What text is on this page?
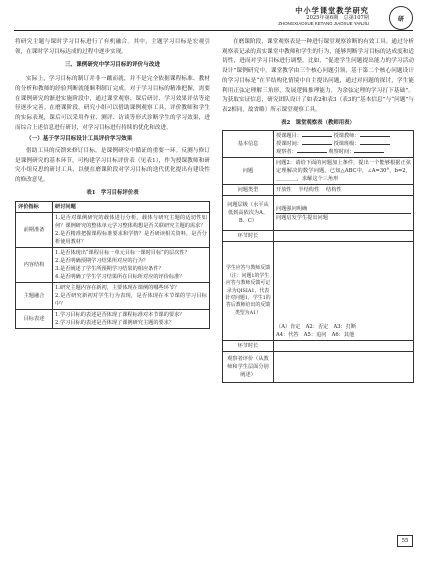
中小学课堂教学研究
2025年第6期　总第107期
ZHONGXIAOXUE KETANG JIAOXUE YANJIU
研

将研究主题与课时学习目标进行了有机融合。其中，主题学习目标是宏观引领，在课时学习目标达成的过程中逐步实现。

三、课例研究中学习目标的评价与改进

实际上，学习目标的制订并非一蹴而就，并不是完全依据课程标准、教材的分析和教师的经验判断就能顺利制订完成。对于学习目标的精准把握，需要在课例研究的渐进实施阶段中，通过课堂观察、课后研讨、学习效果评估等途径逐步完善。在磨课阶段，研究小组可以借助课例观察工具，评价教师和学生的实际表现，课后可以采用作业、测评、访谈等形式诊断学生的学习效果，进而综合上述信息进行研讨，对学习目标进行持续的优化和改进。

（一）基于学习目标设计工具评价学习效果

借助工具的反馈来修订目标，是课例研究中循证的重要一环。反测与修订是课例研究的基本环节，可构建学习目标评价表（见表1），作为授课教师和研究小组反思的研讨工具，以便在磨课阶段对学习目标的迭代优化提出有建设性的修改意见。

表1　学习目标评价表
评价指标	研讨问题
前期准备	1.是否对课例研究的载体进行分析，载体与研究主题的适切性如何？课例研究的整体单元学习整体构想是否关联研究主题的需求？
2.是否精准把握课程标准要求和学情？是否研读相关资料，是否分析使用教材？
内容结构	1.是否体现出“课程目标一单元目标一课时目标”的层次性？
2.是否明确预期学习结果所对应的行为？
3.是否阐述了学生所预期学习结果的相应条件？
4.是否明确了学生学习结果所在目标所对应的评价标准？
主题融合	1.研究主题内容在新初，主要体现在课例的哪些环节？
2.是否研究新初对学生行为表现，是否体现在本节课的学习目标中？
目标表述	1.学习目标的表述是否体现了课程标准对本节课的要求？
2.学习目标的表述是否体现了课例研究主题的要求？

在磨课阶段，课堂观察表是一种进行课堂观察诊断的有效工具。通过分析观察表记录的真实课堂中教师和学生的行为，能够判断学习目标的达成度和适切性，进而对学习目标进行调整。比如，“促进学生问题提出能力的学习活动设计”课例研究中，课堂教学由三个核心问题引领，基于第二个核心问题设计的学习目标是“在半结构化情境中自主提出问题，通过对问题的探讨，学生能利用正弦定理解三角形，发展逻辑推理能力，为余弦定理的学习打下基础”。为获取实证信息，研究团队设计了如表2和表3（表3的“基本信息”与“问题”与表2相同，故省略）所示课堂观察工具。

表2　课堂观察表（教师用表）
基本信息	授课题目： 授课教师：
授课时间： 授课班级：
观察者： 观察时间：
问题	问题2：请给下面的问题加上条件，提出一个能够根据正弦定理解决的数学问题。已知△ABC中，∠A=30°，b=2，＿＿＿＿，求解这个三角形
问题类型	开放性　 半结构性　 结构性
问题层级（水平从低到高依次为A、B、C）	问题强问明确
问题启发学生提出问题

环节时长	
学生应答与教师反馈（注：问题1的学生应答与教师反馈可记录为QISIA1，代表针对问题1，学生1的答后教师给出的反馈类型为A1）	（A）肯定　A2：否定　A3：打断
A4：代答　A5：追问　A6：其他

环节时长	
观察者评价（从教师和学生层面分别阐述）	
55
